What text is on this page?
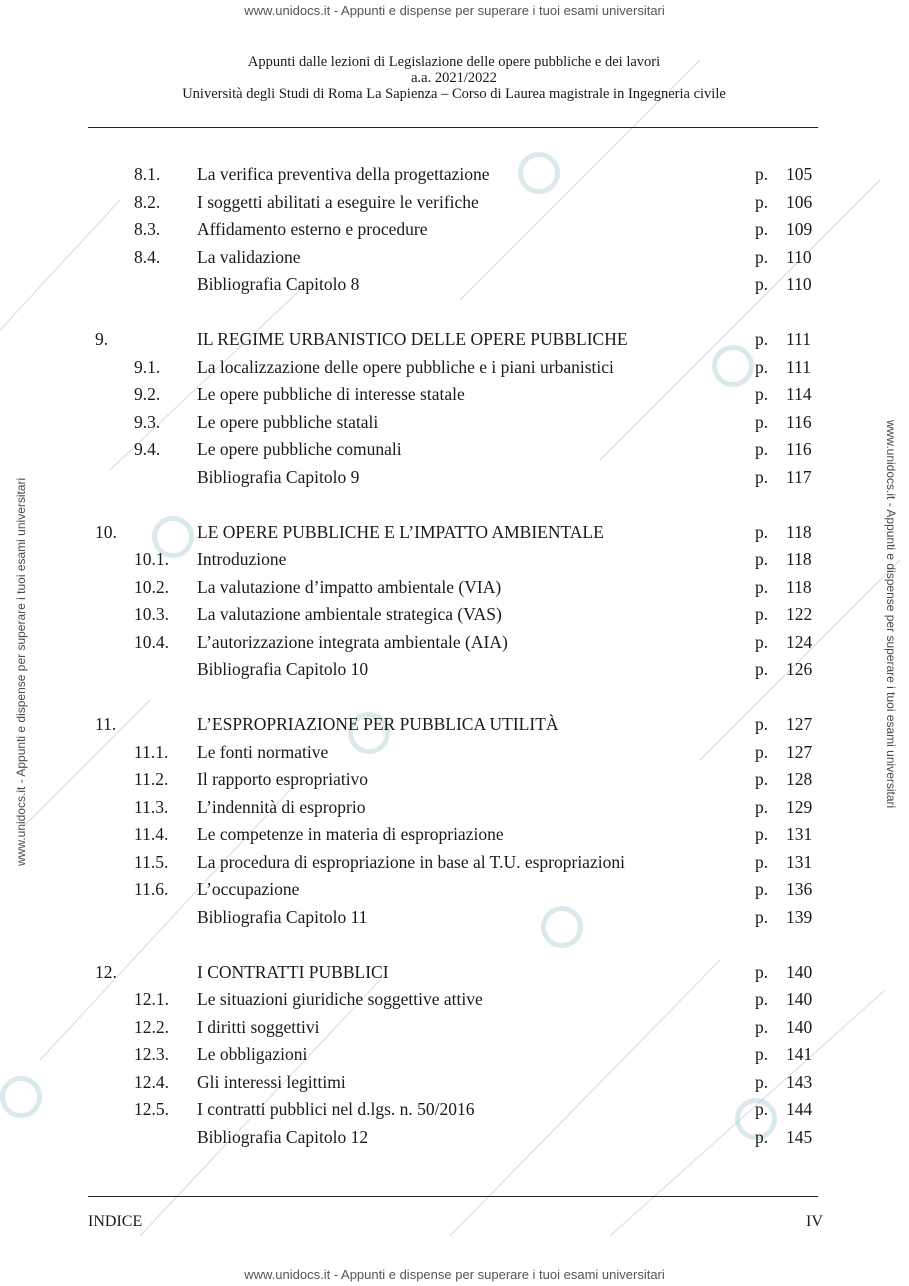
www.unidocs.it - Appunti e dispense per superare i tuoi esami universitari
www.unidocs.it - Appunti e dispense per superare i tuoi esami universitari
www.unidocs.it - Appunti e dispense per superare i tuoi esami universitari	www.unidocs.it - Appunti e dispense per superare i tuoi esami universitari
Appunti dalle lezioni di Legislazione delle opere pubbliche e dei lavori
a.a. 2021/2022
Università degli Studi di Roma La Sapienza – Corso di Laurea magistrale in Ingegneria civile
8.1. La verifica preventiva della progettazione	p. 105
8.2. I soggetti abilitati a eseguire le verifiche	p. 106
8.3. Affidamento esterno e procedure	p. 109
8.4. La validazione	p. 110
Bibliografia Capitolo 8	p. 110
9.	IL REGIME URBANISTICO DELLE OPERE PUBBLICHE	p. 111
9.1. La localizzazione delle opere pubbliche e i piani urbanistici	p. 111
9.2. Le opere pubbliche di interesse statale	p. 114
9.3. Le opere pubbliche statali	p. 116
9.4. Le opere pubbliche comunali	p. 116
Bibliografia Capitolo 9	p. 117
10.	LE OPERE PUBBLICHE E L’IMPATTO AMBIENTALE	p. 118
10.1. Introduzione	p. 118
10.2. La valutazione d’impatto ambientale (VIA)	p. 118
10.3. La valutazione ambientale strategica (VAS)	p. 122
10.4. L’autorizzazione integrata ambientale (AIA)	p. 124
Bibliografia Capitolo 10	p. 126
11.	L’ESPROPRIAZIONE PER PUBBLICA UTILITÀ	p. 127
11.1. Le fonti normative	p. 127
11.2. Il rapporto espropriativo	p. 128
11.3. L’indennità di esproprio	p. 129
11.4. Le competenze in materia di espropriazione	p. 131
11.5. La procedura di espropriazione in base al T.U. espropriazioni	p. 131
11.6. L’occupazione	p. 136
Bibliografia Capitolo 11	p. 139
12.	I CONTRATTI PUBBLICI	p. 140
12.1. Le situazioni giuridiche soggettive attive	p. 140
12.2. I diritti soggettivi	p. 140
12.3. Le obbligazioni	p. 141
12.4. Gli interessi legittimi	p. 143
12.5. I contratti pubblici nel d.lgs. n. 50/2016	p. 144
Bibliografia Capitolo 12	p. 145
INDICE	IV
